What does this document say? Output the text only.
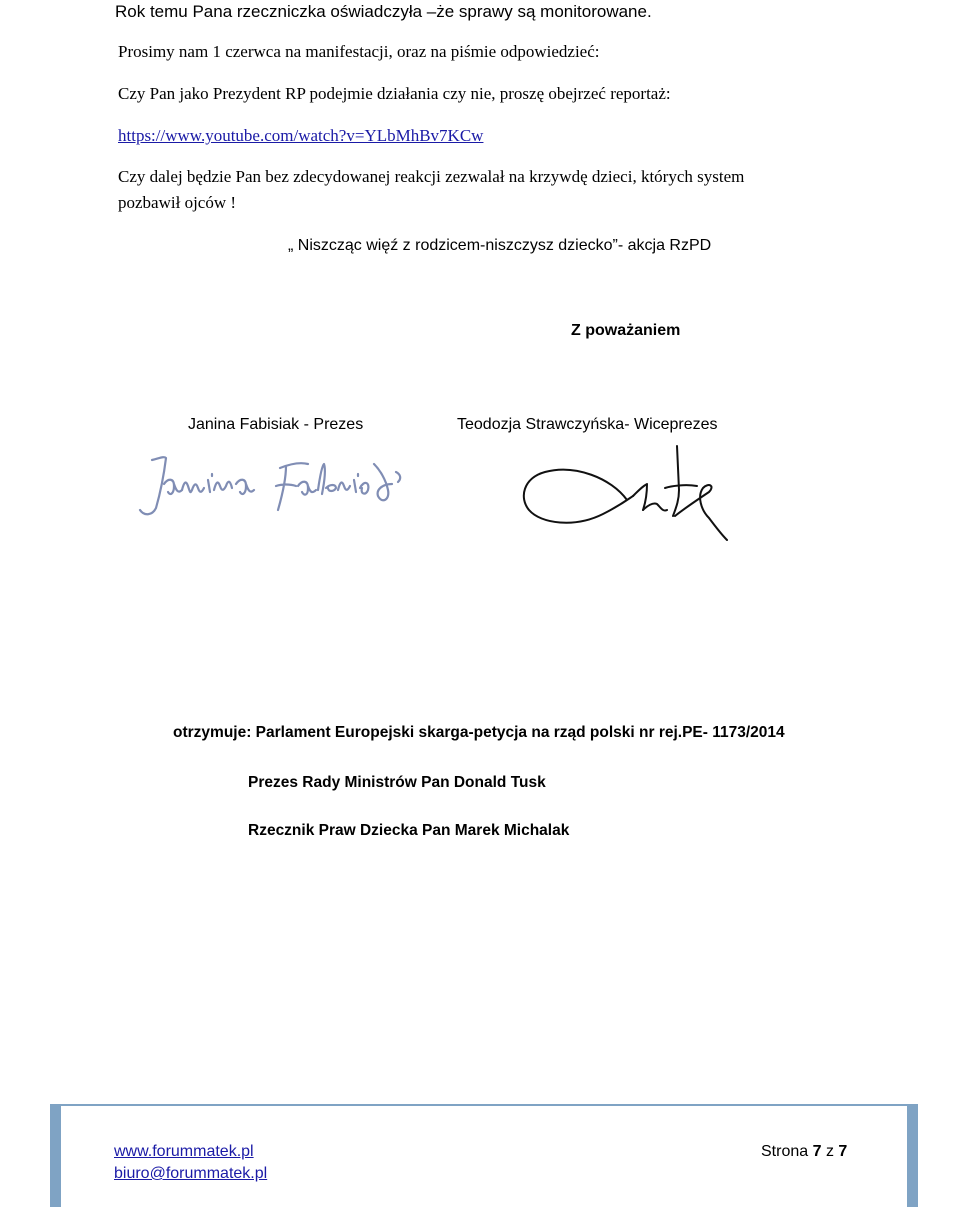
Rok temu Pana rzeczniczka oświadczyła –że sprawy są monitorowane.
Prosimy nam 1 czerwca na manifestacji, oraz na piśmie odpowiedzieć:
Czy Pan jako Prezydent RP podejmie działania czy nie, proszę obejrzeć reportaż:
https://www.youtube.com/watch?v=YLbMhBv7KCw
Czy dalej będzie Pan bez zdecydowanej reakcji zezwalał na krzywdę dzieci, których system
pozbawił ojców !
„ Niszcząc więź z rodzicem-niszczysz dziecko”- akcja RzPD
Z poważaniem
Janina Fabisiak - Prezes	Teodozja Strawczyńska- Wiceprezes
otrzymuje: Parlament Europejski skarga-petycja na rząd polski nr rej.PE- 1173/2014
Prezes Rady Ministrów Pan Donald Tusk
Rzecznik Praw Dziecka Pan Marek Michalak
www.forummatek.pl
biuro@forummatek.pl
Strona 7 z 7
